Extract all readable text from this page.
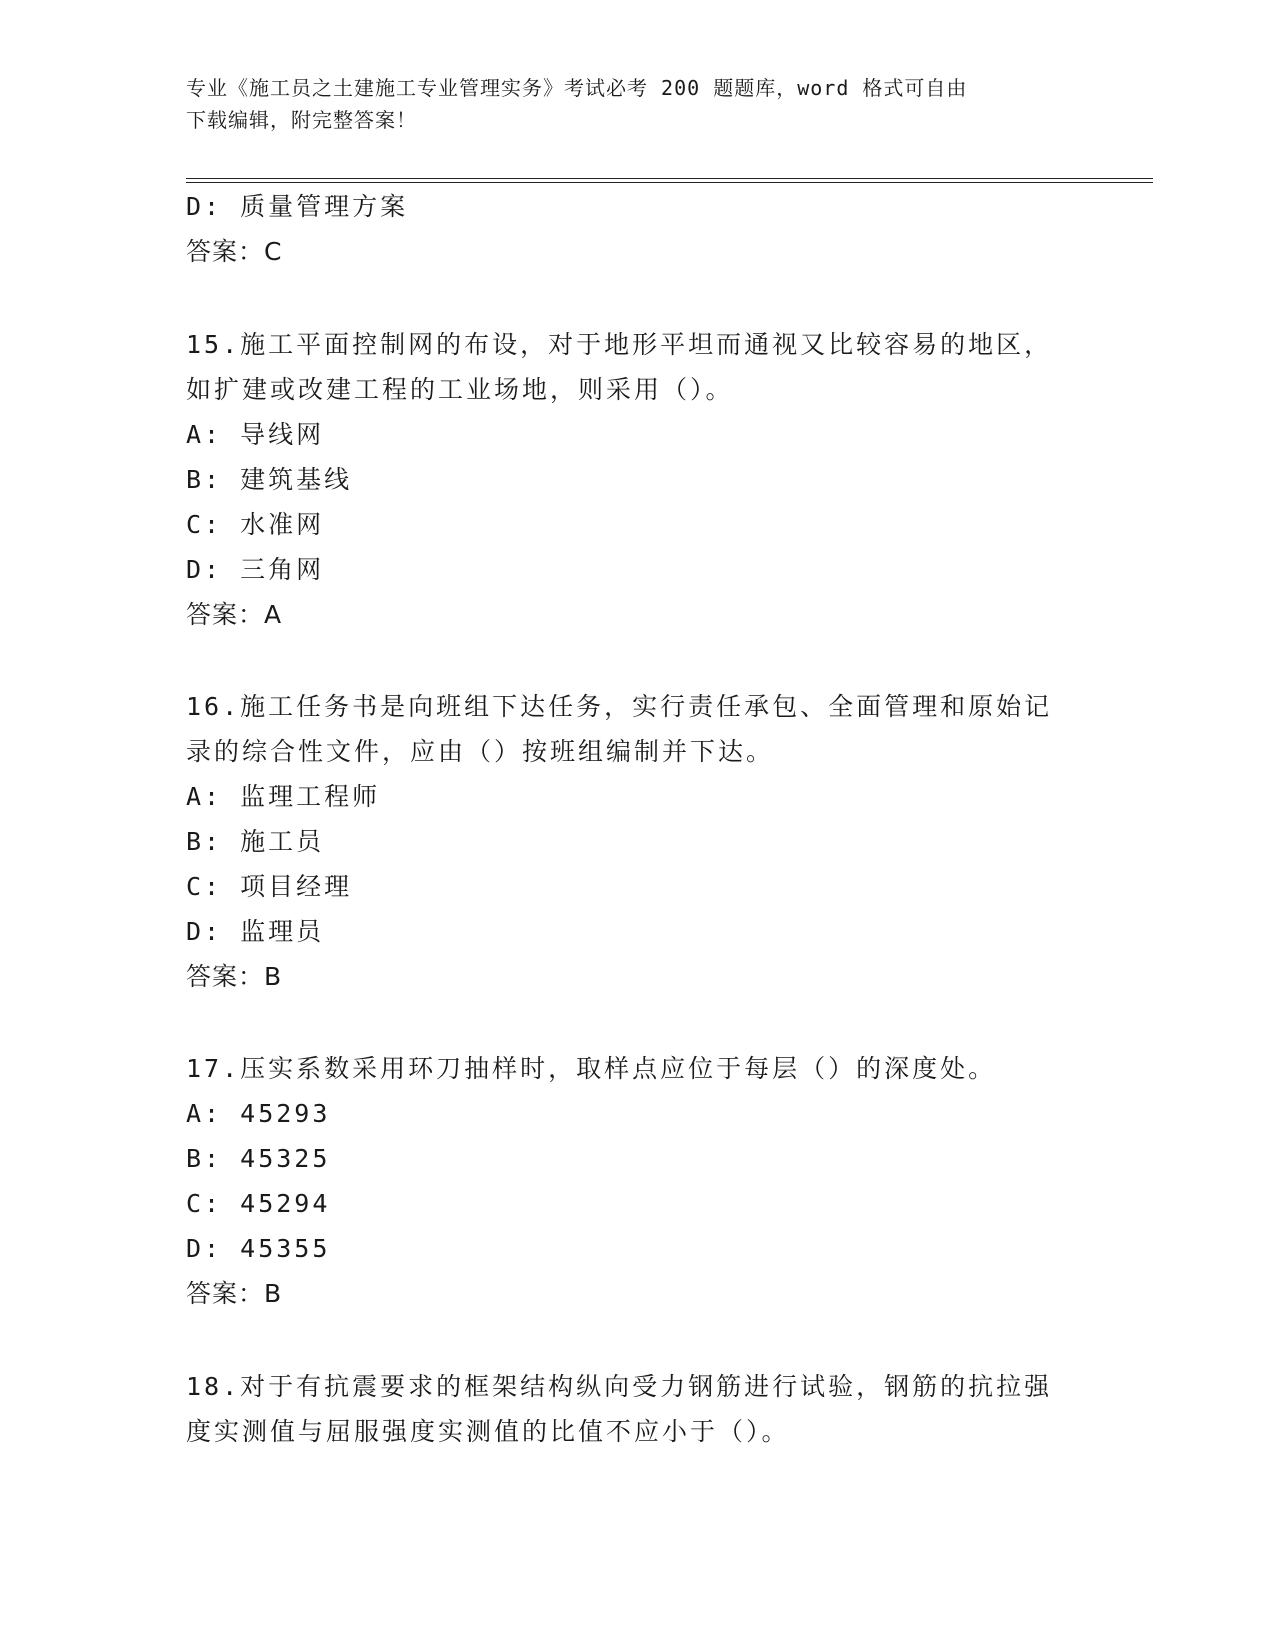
专业《施工员之土建施工专业管理实务》考试必考 200 题题库，word 格式可自由
下载编辑，附完整答案！
D: 质量管理方案
答案：C
15.施工平面控制网的布设，对于地形平坦而通视又比较容易的地区，
如扩建或改建工程的工业场地，则采用（）。
A: 导线网
B: 建筑基线
C: 水准网
D: 三角网
答案：A
16.施工任务书是向班组下达任务，实行责任承包、全面管理和原始记
录的综合性文件，应由（）按班组编制并下达。
A: 监理工程师
B: 施工员
C: 项目经理
D: 监理员
答案：B
17.压实系数采用环刀抽样时，取样点应位于每层（）的深度处。
A: 45293
B: 45325
C: 45294
D: 45355
答案：B
18.对于有抗震要求的框架结构纵向受力钢筋进行试验，钢筋的抗拉强
度实测值与屈服强度实测值的比值不应小于（）。
